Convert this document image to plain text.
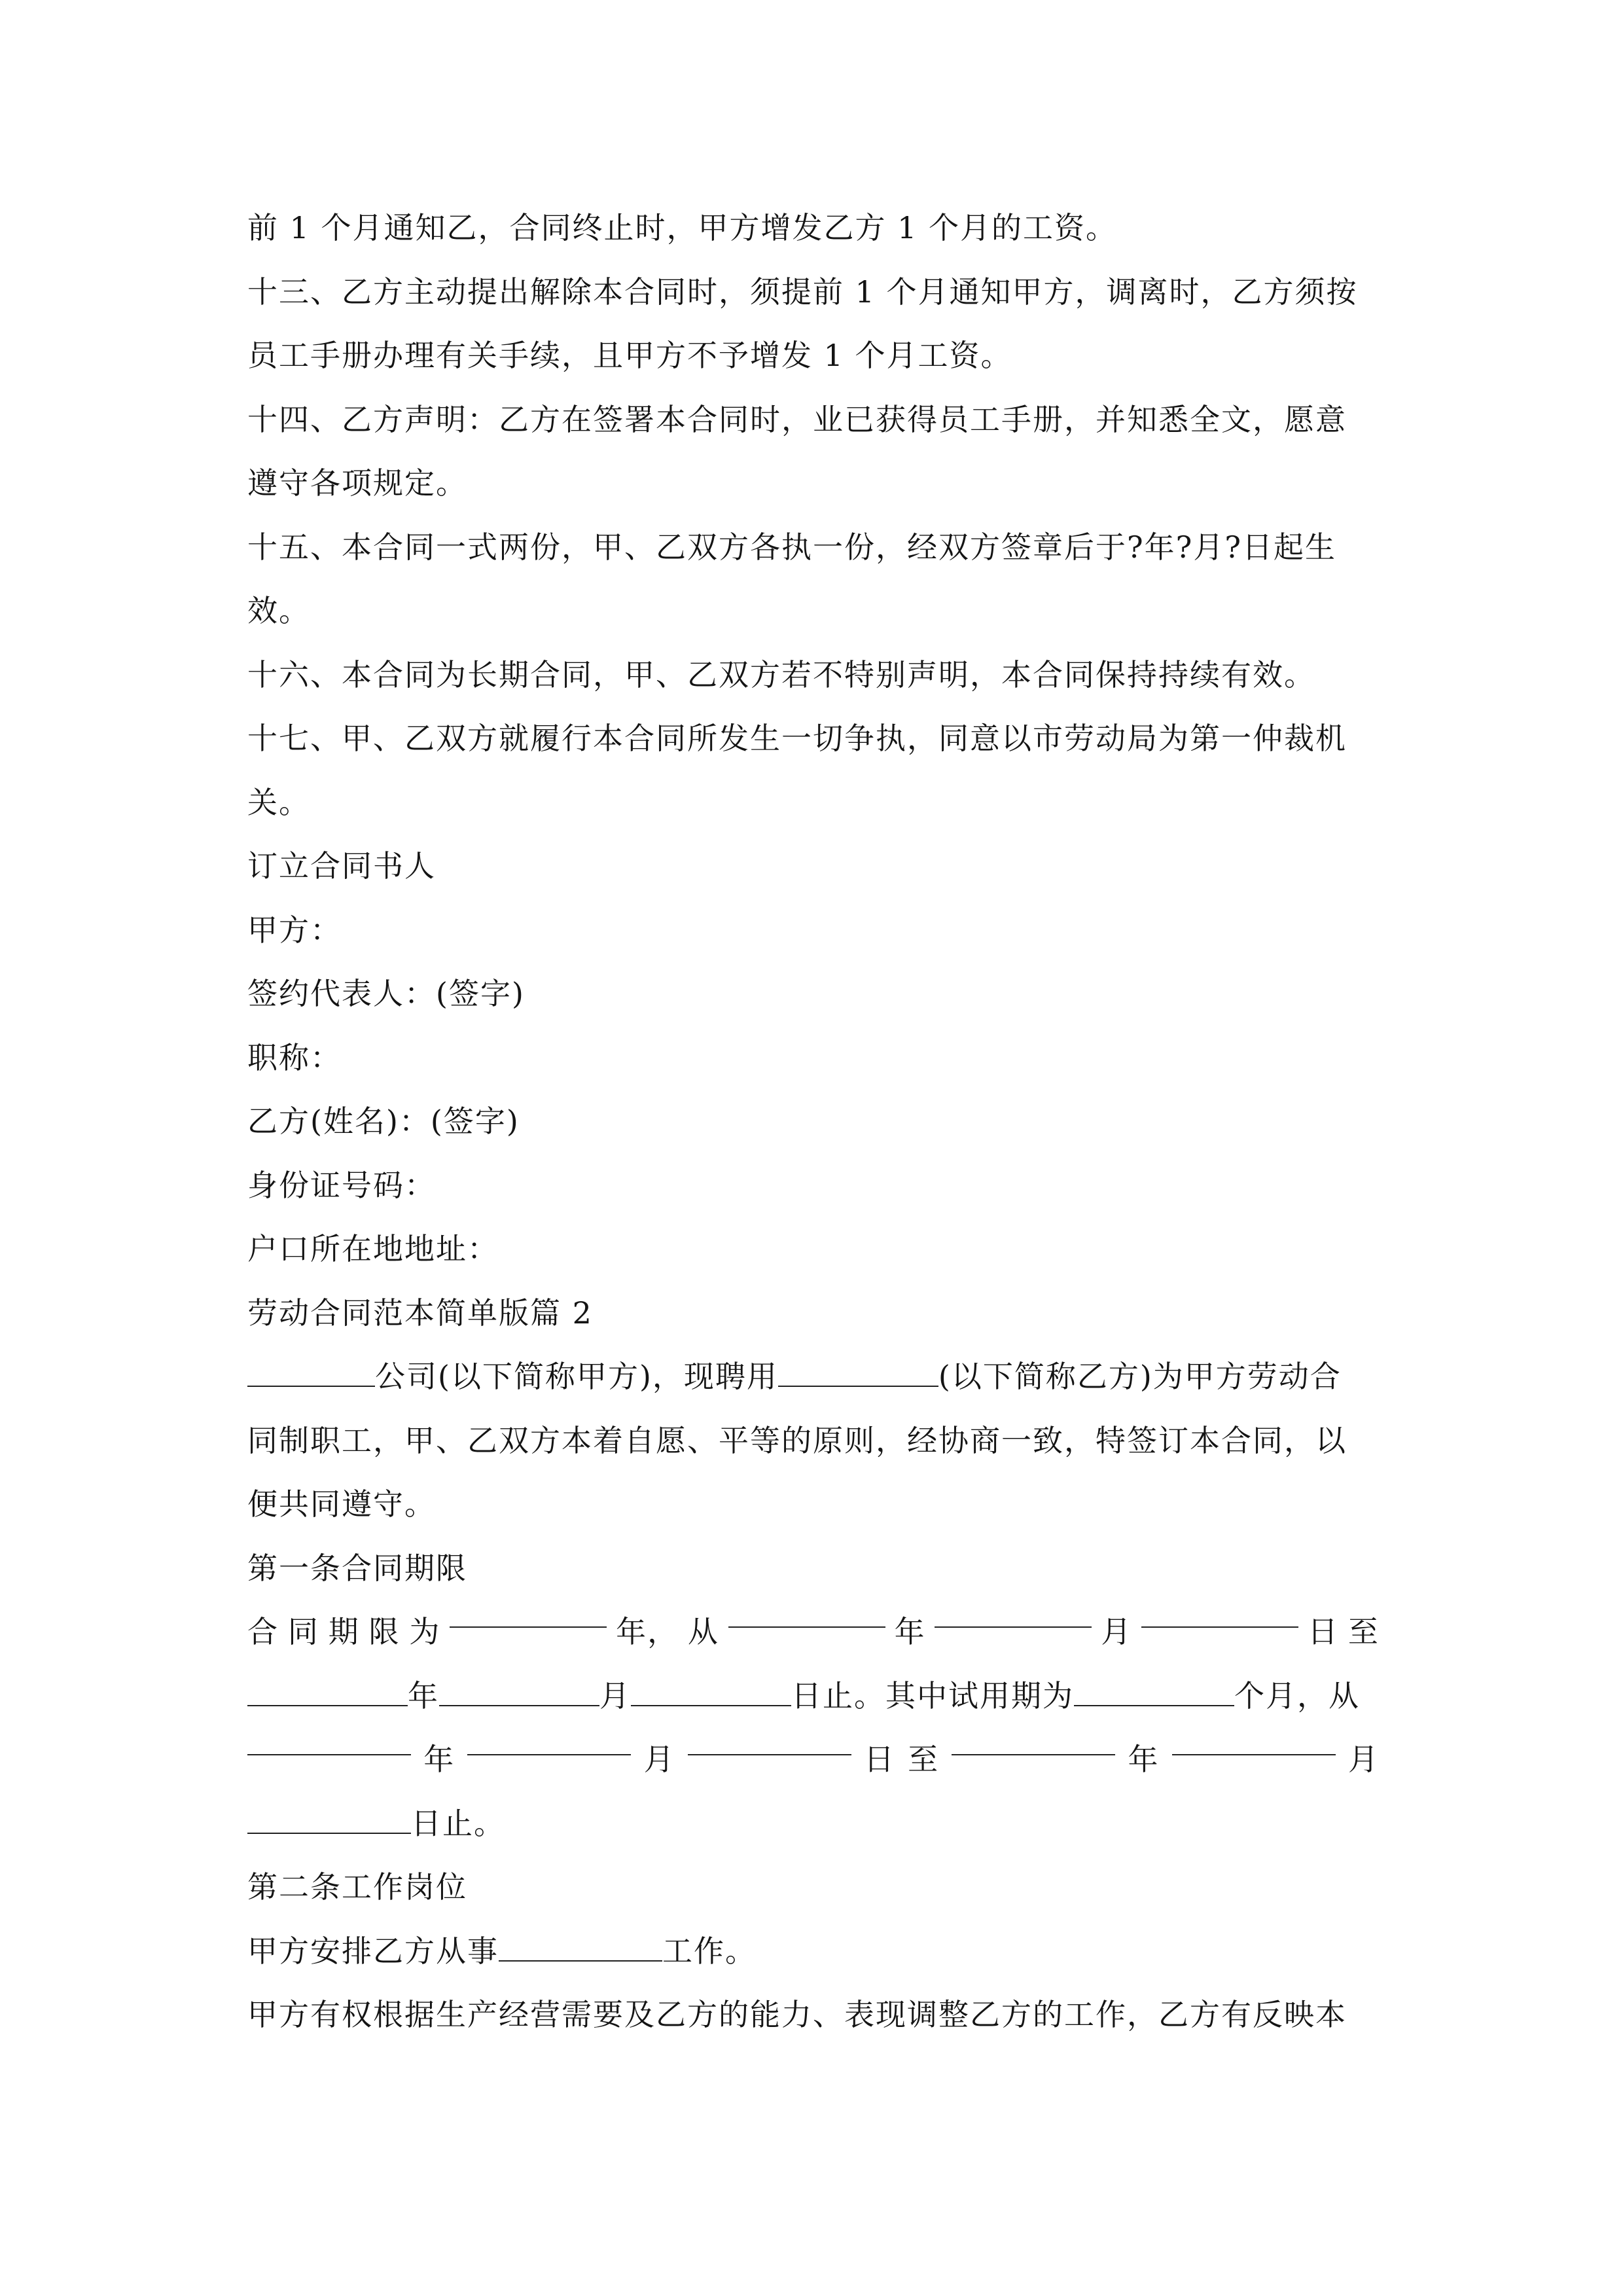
前 1 个月通知乙，合同终止时，甲方增发乙方 1 个月的工资。
十三、乙方主动提出解除本合同时，须提前 1 个月通知甲方，调离时，乙方须按
员工手册办理有关手续，且甲方不予增发 1 个月工资。
十四、乙方声明：乙方在签署本合同时，业已获得员工手册，并知悉全文，愿意
遵守各项规定。
十五、本合同一式两份，甲、乙双方各执一份，经双方签章后于?年?月?日起生
效。
十六、本合同为长期合同，甲、乙双方若不特别声明，本合同保持持续有效。
十七、甲、乙双方就履行本合同所发生一切争执，同意以市劳动局为第一仲裁机
关。
订立合同书人
甲方：
签约代表人：(签字)
职称：
乙方(姓名)：(签字)
身份证号码：
户口所在地地址：
劳动合同范本简单版篇 2
公司(以下简称甲方)，现聘用	(以下简称乙方)为甲方劳动合
同制职工，甲、乙双方本着自愿、平等的原则，经协商一致，特签订本合同，以
便共同遵守。
第一条合同期限
合 同 期 限 为	年， 从	年	月	日 至
年	月	日止。其中试用期为	个月，从
年	月	日 至	年	月
日止。
第二条工作岗位
甲方安排乙方从事	工作。
甲方有权根据生产经营需要及乙方的能力、表现调整乙方的工作，乙方有反映本
